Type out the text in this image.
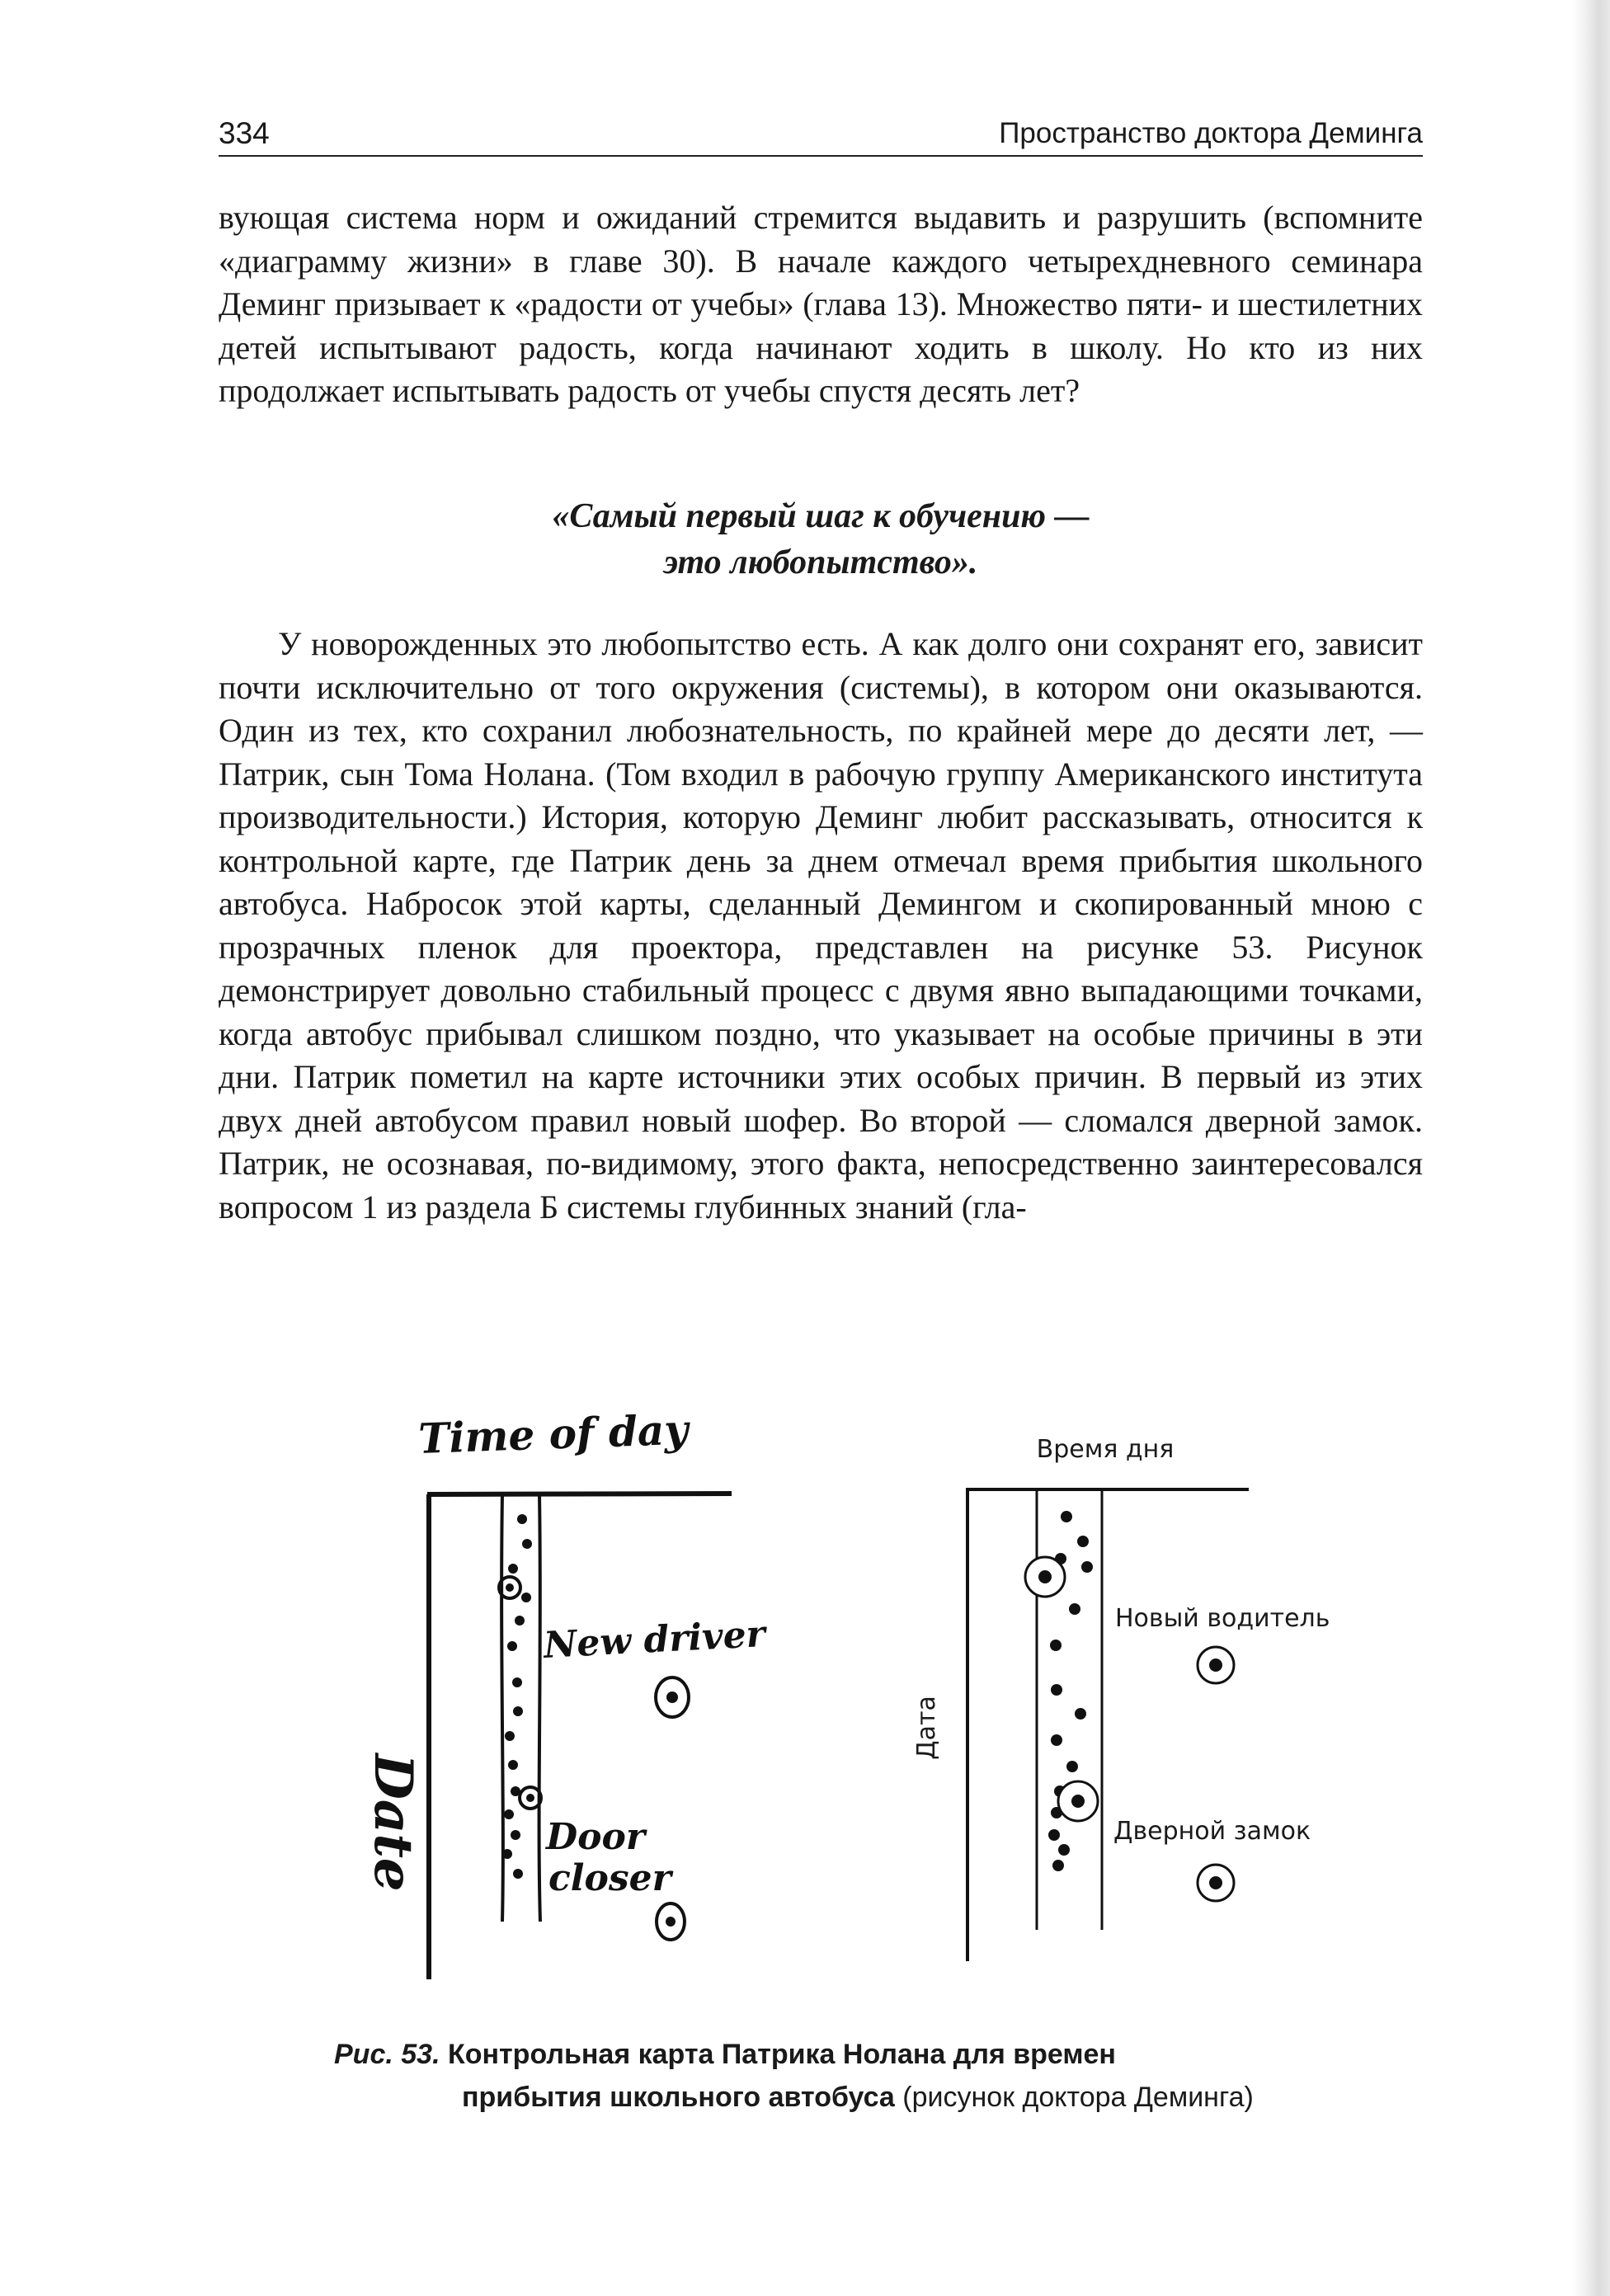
334	Пространство доктора Деминга

вующая система норм и ожиданий стремится выдавить и разрушить (вспомните «диаграмму жизни» в главе 30). В начале каждого четырехдневного семинара Деминг призывает к «радости от учебы» (глава 13). Множество пяти- и шестилетних детей испытывают радость, когда начинают ходить в школу. Но кто из них продолжает испытывать радость от учебы спустя десять лет?

«Самый первый шаг к обучению —
это любопытство».

У новорожденных это любопытство есть. А как долго они сохранят его, зависит почти исключительно от того окружения (системы), в котором они оказываются. Один из тех, кто сохранил любознательность, по крайней мере до десяти лет, — Патрик, сын Тома Нолана. (Том входил в рабочую группу Американского института производительности.) История, которую Деминг любит рассказывать, относится к контрольной карте, где Патрик день за днем отмечал время прибытия школьного автобуса. Набросок этой карты, сделанный Демингом и скопированный мною с прозрачных пленок для проектора, представлен на рисунке 53. Рисунок демонстрирует довольно стабильный процесс с двумя явно выпадающими точками, когда автобус прибывал слишком поздно, что указывает на особые причины в эти дни. Патрик пометил на карте источники этих особых причин. В первый из этих двух дней автобусом правил новый шофер. Во второй — сломался дверной замок. Патрик, не осознавая, по-видимому, этого факта, непосредственно заинтересовался вопросом 1 из раздела Б системы глубинных знаний (гла-

Time of day
New driver
Door
closer
Date
Время дня
Дата
Новый водитель
Дверной замок
Рис. 53. Контрольная карта Патрика Нолана для времен
прибытия школьного автобуса (рисунок доктора Деминга)
